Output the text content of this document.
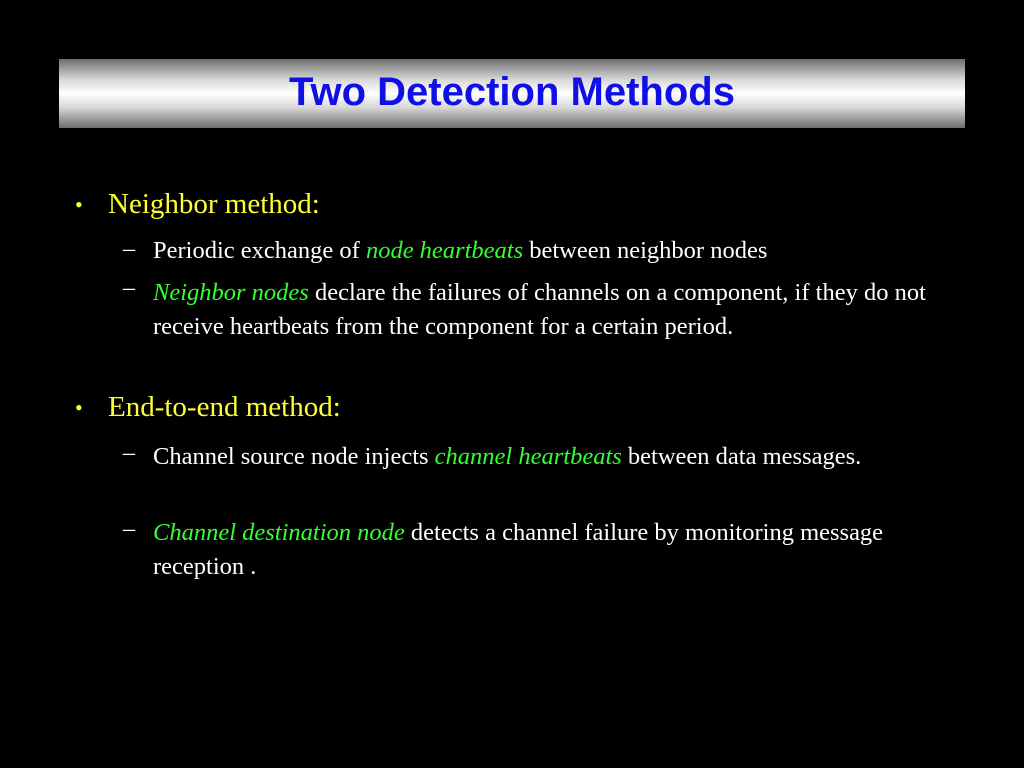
Two Detection Methods
• Neighbor method:
– Periodic exchange of node heartbeats between neighbor nodes
– Neighbor nodes declare the failures of channels on a component, if they do not receive heartbeats from the component for a certain period.
• End-to-end method:
– Channel source node injects channel heartbeats between data messages.
– Channel destination node detects a channel failure by monitoring message reception .
